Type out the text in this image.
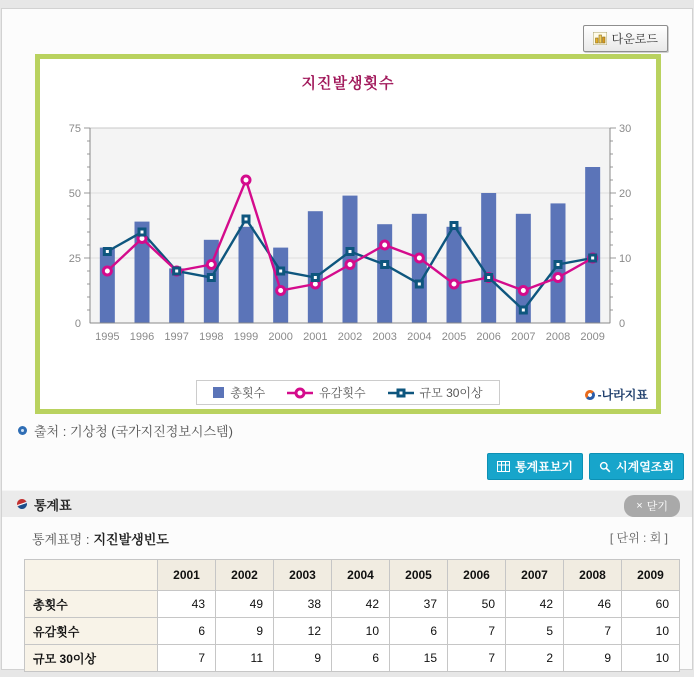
다운로드
지진발생횟수
0
25
50
75
0
10
20
30
1995 1996 1997 1998 1999 2000 2001 2002 2003 2004 2005 2006 2007 2008 2009
총횟수	유감횟수	규모 30이상	-나라지표
출처 : 기상청 (국가지진정보시스템)
통계표보기	시계열조회
통계표	× 닫기
통계표명 : 지진발생빈도	[ 단위 : 회 ]
	2001	2002	2003	2004	2005	2006	2007	2008	2009
총횟수	43	49	38	42	37	50	42	46	60
유감횟수	6	9	12	10	6	7	5	7	10
규모 30이상	7	11	9	6	15	7	2	9	10
